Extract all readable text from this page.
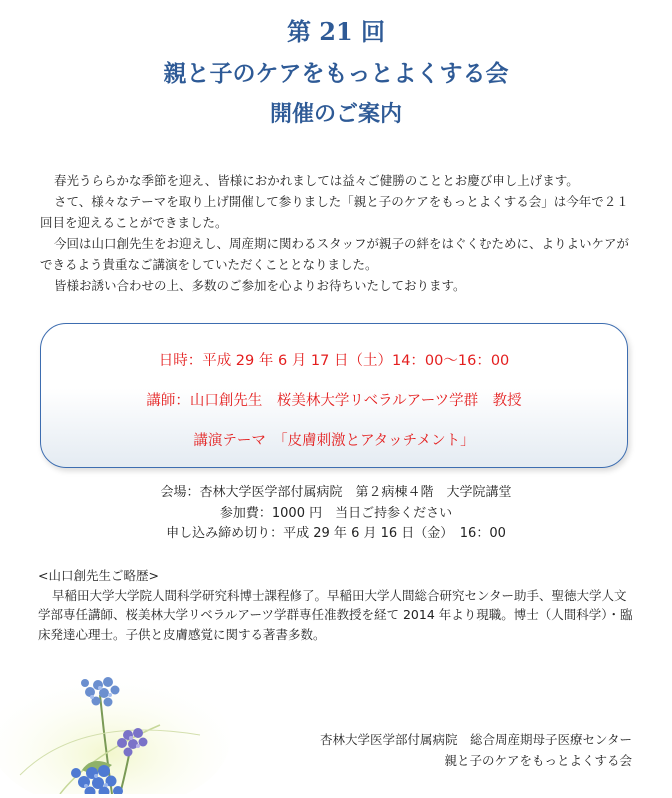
第 21 回
親と子のケアをもっとよくする会
開催のご案内

春光うららかな季節を迎え、皆様におかれましては益々ご健勝のこととお慶び申し上げます。

さて、様々なテーマを取り上げ開催して参りました「親と子のケアをもっとよくする会」は今年で２１回目を迎えることができました。

今回は山口創先生をお迎えし、周産期に関わるスタッフが親子の絆をはぐくむために、よりよいケアができるよう貴重なご講演をしていただくこととなりました。

皆様お誘い合わせの上、多数のご参加を心よりお待ちいたしております。

日時：平成 29 年 6 月 17 日（土）14：00～16：00

講師：山口創先生　桜美林大学リベラルアーツ学群　教授

講演テーマ　「皮膚刺激とアタッチメント」

会場：杏林大学医学部付属病院　第２病棟４階　大学院講堂
参加費：1000 円　当日ご持参ください
申し込み締め切り：平成 29 年 6 月 16 日（金）　16：00

<山口創先生ご略歴>

早稲田大学大学院人間科学研究科博士課程修了。早稲田大学人間総合研究センター助手、聖徳大学人文学部専任講師、桜美林大学リベラルアーツ学群専任准教授を経て 2014 年より現職。博士（人間科学）・臨床発達心理士。子供と皮膚感覚に関する著書多数。

杏林大学医学部付属病院　総合周産期母子医療センター
親と子のケアをもっとよくする会
